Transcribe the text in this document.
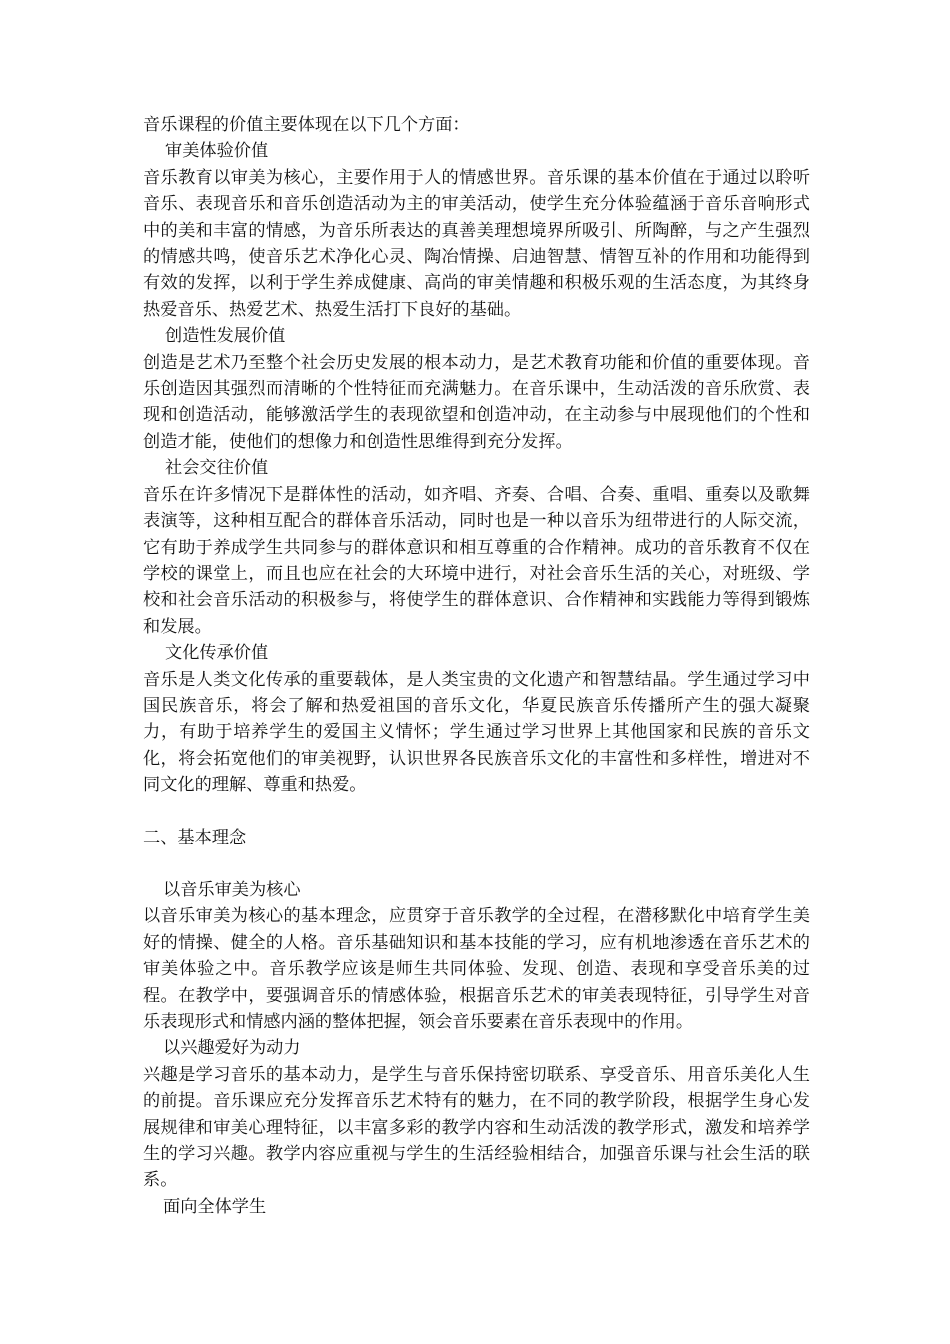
音乐课程的价值主要体现在以下几个方面：

审美体验价值

音乐教育以审美为核心，主要作用于人的情感世界。音乐课的基本价值在于通过以聆听音乐、表现音乐和音乐创造活动为主的审美活动，使学生充分体验蕴涵于音乐音响形式中的美和丰富的情感，为音乐所表达的真善美理想境界所吸引、所陶醉，与之产生强烈的情感共鸣，使音乐艺术净化心灵、陶冶情操、启迪智慧、情智互补的作用和功能得到有效的发挥，以利于学生养成健康、高尚的审美情趣和积极乐观的生活态度，为其终身热爱音乐、热爱艺术、热爱生活打下良好的基础。

创造性发展价值

创造是艺术乃至整个社会历史发展的根本动力，是艺术教育功能和价值的重要体现。音乐创造因其强烈而清晰的个性特征而充满魅力。在音乐课中，生动活泼的音乐欣赏、表现和创造活动，能够激活学生的表现欲望和创造冲动，在主动参与中展现他们的个性和创造才能，使他们的想像力和创造性思维得到充分发挥。

社会交往价值

音乐在许多情况下是群体性的活动，如齐唱、齐奏、合唱、合奏、重唱、重奏以及歌舞表演等，这种相互配合的群体音乐活动，同时也是一种以音乐为纽带进行的人际交流，它有助于养成学生共同参与的群体意识和相互尊重的合作精神。成功的音乐教育不仅在学校的课堂上，而且也应在社会的大环境中进行，对社会音乐生活的关心，对班级、学校和社会音乐活动的积极参与，将使学生的群体意识、合作精神和实践能力等得到锻炼和发展。

文化传承价值

音乐是人类文化传承的重要载体，是人类宝贵的文化遗产和智慧结晶。学生通过学习中国民族音乐，将会了解和热爱祖国的音乐文化，华夏民族音乐传播所产生的强大凝聚力，有助于培养学生的爱国主义情怀；学生通过学习世界上其他国家和民族的音乐文化，将会拓宽他们的审美视野，认识世界各民族音乐文化的丰富性和多样性，增进对不同文化的理解、尊重和热爱。

二、基本理念

以音乐审美为核心

以音乐审美为核心的基本理念，应贯穿于音乐教学的全过程，在潜移默化中培育学生美好的情操、健全的人格。音乐基础知识和基本技能的学习，应有机地渗透在音乐艺术的审美体验之中。音乐教学应该是师生共同体验、发现、创造、表现和享受音乐美的过程。在教学中，要强调音乐的情感体验，根据音乐艺术的审美表现特征，引导学生对音乐表现形式和情感内涵的整体把握，领会音乐要素在音乐表现中的作用。

以兴趣爱好为动力

兴趣是学习音乐的基本动力，是学生与音乐保持密切联系、享受音乐、用音乐美化人生的前提。音乐课应充分发挥音乐艺术特有的魅力，在不同的教学阶段，根据学生身心发展规律和审美心理特征，以丰富多彩的教学内容和生动活泼的教学形式，激发和培养学生的学习兴趣。教学内容应重视与学生的生活经验相结合，加强音乐课与社会生活的联系。

面向全体学生
